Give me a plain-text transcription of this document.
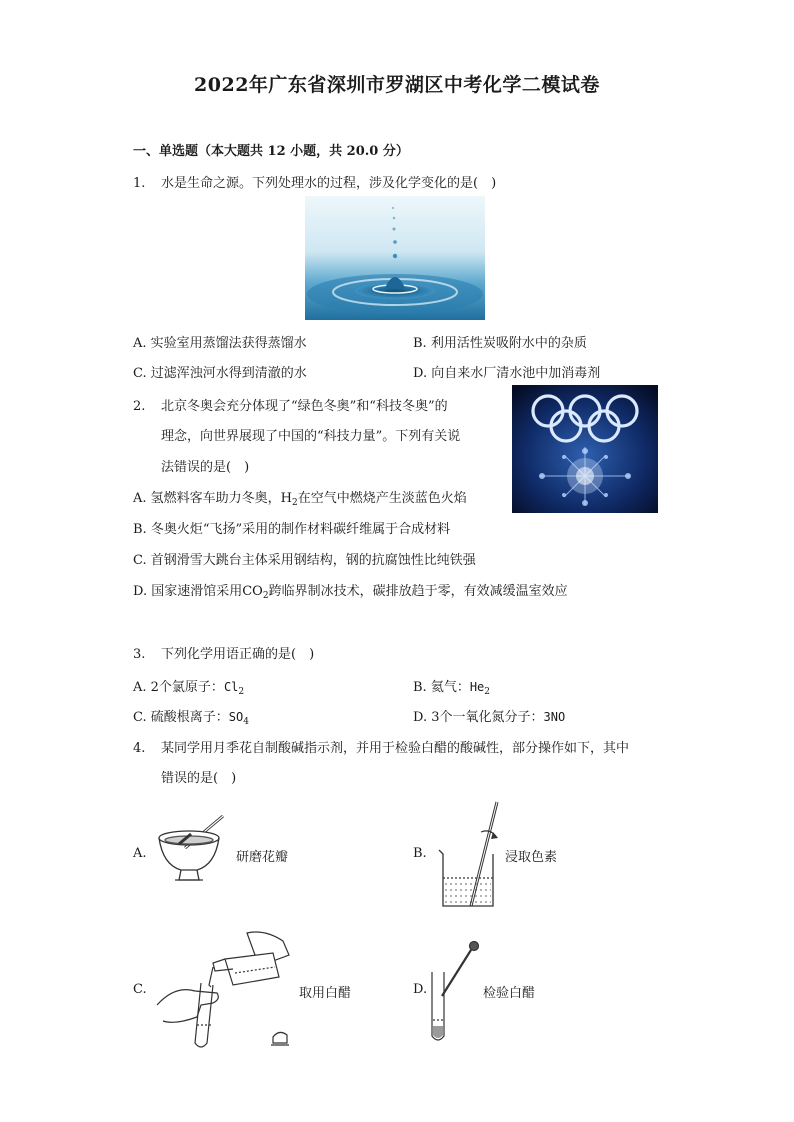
2022年广东省深圳市罗湖区中考化学二模试卷
一、单选题（本大题共 12 小题，共 20.0 分）
1. 水是生命之源。下列处理水的过程，涉及化学变化的是(　)
A. 实验室用蒸馏法获得蒸馏水	B. 利用活性炭吸附水中的杂质
C. 过滤浑浊河水得到清澈的水	D. 向自来水厂清水池中加消毒剂
2. 北京冬奥会充分体现了“绿色冬奥”和“科技冬奥”的
理念，向世界展现了中国的“科技力量”。下列有关说
法错误的是(　)
A. 氢燃料客车助力冬奥，$H_2$在空气中燃烧产生淡蓝色火焰
B. 冬奥火炬“飞扬”采用的制作材料碳纤维属于合成材料
C. 首钢滑雪大跳台主体采用钢结构，钢的抗腐蚀性比纯铁强
D. 国家速滑馆采用$CO_2$跨临界制冰技术，碳排放趋于零，有效减缓温室效应
3. 下列化学用语正确的是(　)
A. 2个氯原子：$Cl_2$	B. 氦气：$He_2$
C. 硫酸根离子：$SO_4$	D. 3个一氧化氮分子：3NO
4. 某同学用月季花自制酸碱指示剂，并用于检验白醋的酸碱性，部分操作如下，其中
错误的是(　)
A.	研磨花瓣	B.	浸取色素
C.	取用白醋	D.	检验白醋
